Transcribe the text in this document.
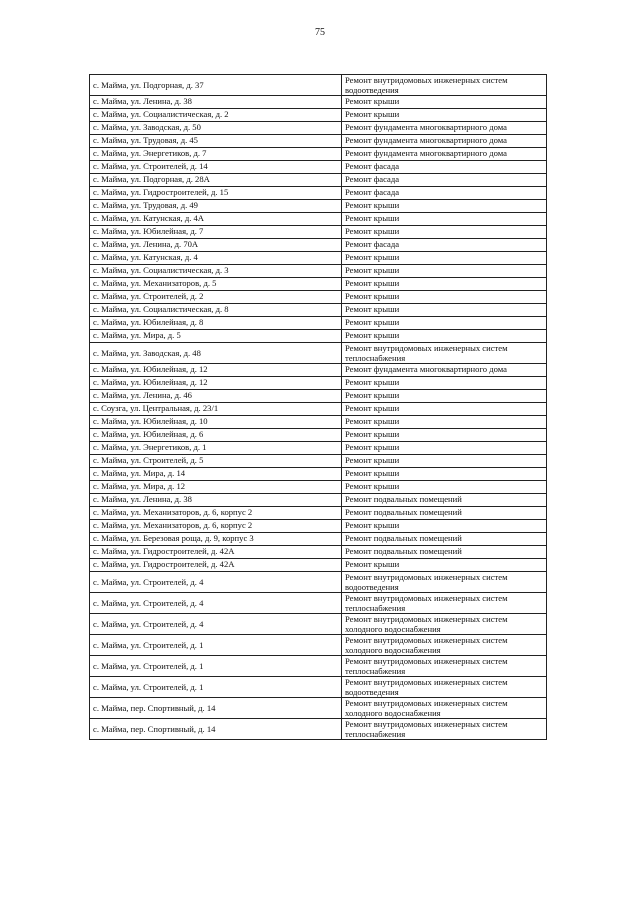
75
с. Майма, ул. Подгорная, д. 37	Ремонт внутридомовых инженерных систем водоотведения
с. Майма, ул. Ленина, д. 38	Ремонт крыши
с. Майма, ул. Социалистическая, д. 2	Ремонт крыши
с. Майма, ул. Заводская, д. 50	Ремонт фундамента многоквартирного дома
с. Майма, ул. Трудовая, д. 45	Ремонт фундамента многоквартирного дома
с. Майма, ул. Энергетиков, д. 7	Ремонт фундамента многоквартирного дома
с. Майма, ул. Строителей, д. 14	Ремонт фасада
с. Майма, ул. Подгорная, д. 28А	Ремонт фасада
с. Майма, ул. Гидростроителей, д. 15	Ремонт фасада
с. Майма, ул. Трудовая, д. 49	Ремонт крыши
с. Майма, ул. Катунская, д. 4А	Ремонт крыши
с. Майма, ул. Юбилейная, д. 7	Ремонт крыши
с. Майма, ул. Ленина, д. 70А	Ремонт фасада
с. Майма, ул. Катунская, д. 4	Ремонт крыши
с. Майма, ул. Социалистическая, д. 3	Ремонт крыши
с. Майма, ул. Механизаторов, д. 5	Ремонт крыши
с. Майма, ул. Строителей, д. 2	Ремонт крыши
с. Майма, ул. Социалистическая, д. 8	Ремонт крыши
с. Майма, ул. Юбилейная, д. 8	Ремонт крыши
с. Майма, ул. Мира, д. 5	Ремонт крыши
с. Майма, ул. Заводская, д. 48	Ремонт внутридомовых инженерных систем теплоснабжения
с. Майма, ул. Юбилейная, д. 12	Ремонт фундамента многоквартирного дома
с. Майма, ул. Юбилейная, д. 12	Ремонт крыши
с. Майма, ул. Ленина, д. 46	Ремонт крыши
с. Соузга, ул. Центральная, д. 23/1	Ремонт крыши
с. Майма, ул. Юбилейная, д. 10	Ремонт крыши
с. Майма, ул. Юбилейная, д. 6	Ремонт крыши
с. Майма, ул. Энергетиков, д. 1	Ремонт крыши
с. Майма, ул. Строителей, д. 5	Ремонт крыши
с. Майма, ул. Мира, д. 14	Ремонт крыши
с. Майма, ул. Мира, д. 12	Ремонт крыши
с. Майма, ул. Ленина, д. 38	Ремонт подвальных помещений
с. Майма, ул. Механизаторов, д. 6, корпус 2	Ремонт подвальных помещений
с. Майма, ул. Механизаторов, д. 6, корпус 2	Ремонт крыши
с. Майма, ул. Березовая роща, д. 9, корпус 3	Ремонт подвальных помещений
с. Майма, ул. Гидростроителей, д. 42А	Ремонт подвальных помещений
с. Майма, ул. Гидростроителей, д. 42А	Ремонт крыши
с. Майма, ул. Строителей, д. 4	Ремонт внутридомовых инженерных систем водоотведения
с. Майма, ул. Строителей, д. 4	Ремонт внутридомовых инженерных систем теплоснабжения
с. Майма, ул. Строителей, д. 4	Ремонт внутридомовых инженерных систем холодного водоснабжения
с. Майма, ул. Строителей, д. 1	Ремонт внутридомовых инженерных систем холодного водоснабжения
с. Майма, ул. Строителей, д. 1	Ремонт внутридомовых инженерных систем теплоснабжения
с. Майма, ул. Строителей, д. 1	Ремонт внутридомовых инженерных систем водоотведения
с. Майма, пер. Спортивный, д. 14	Ремонт внутридомовых инженерных систем холодного водоснабжения
с. Майма, пер. Спортивный, д. 14	Ремонт внутридомовых инженерных систем теплоснабжения
